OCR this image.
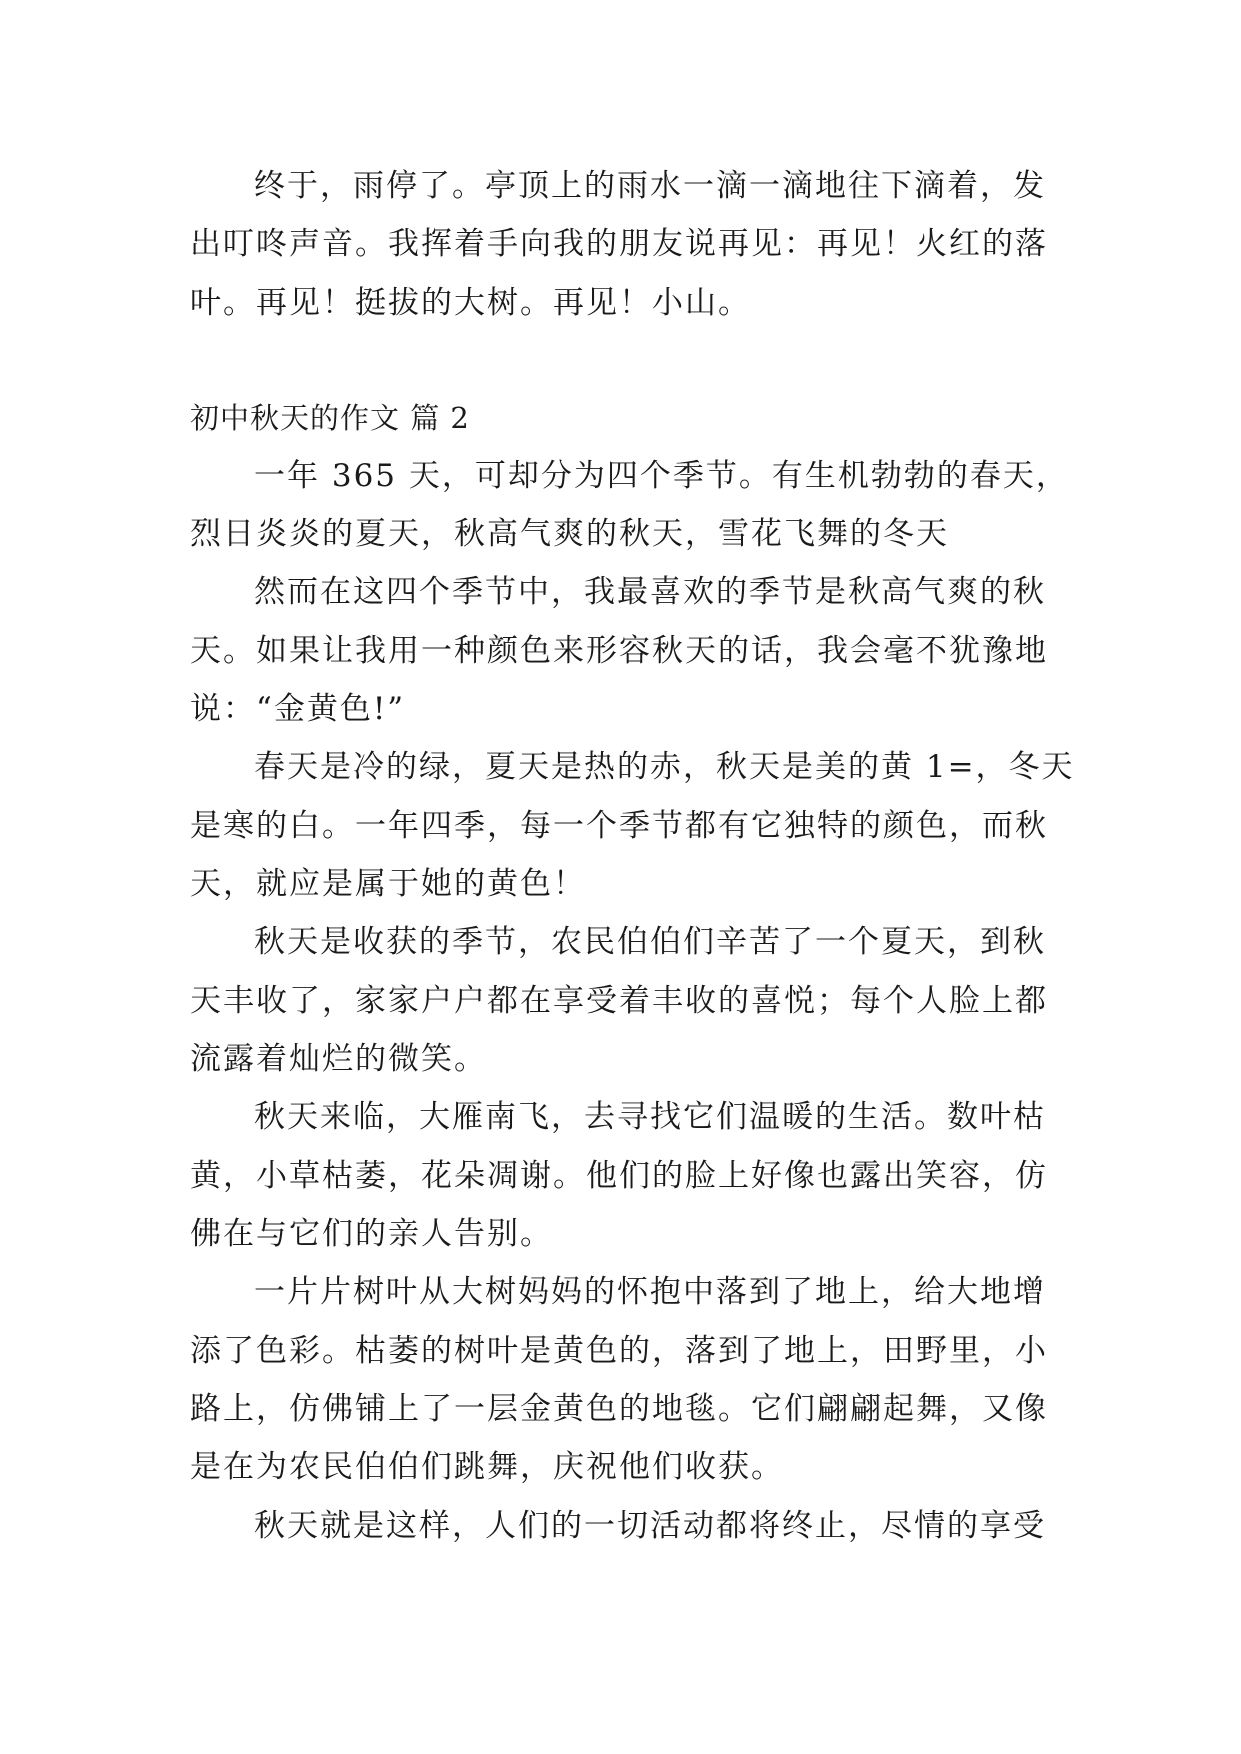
终于，雨停了。亭顶上的雨水一滴一滴地往下滴着，发
出叮咚声音。我挥着手向我的朋友说再见：再见！火红的落
叶。再见！挺拔的大树。再见！小山。
初中秋天的作文 篇 2
一年 365 天，可却分为四个季节。有生机勃勃的春天，
烈日炎炎的夏天，秋高气爽的秋天，雪花飞舞的冬天
然而在这四个季节中，我最喜欢的季节是秋高气爽的秋
天。如果让我用一种颜色来形容秋天的话，我会毫不犹豫地
说：“金黄色!”
春天是冷的绿，夏天是热的赤，秋天是美的黄 1=，冬天
是寒的白。一年四季，每一个季节都有它独特的颜色，而秋
天，就应是属于她的黄色！
秋天是收获的季节，农民伯伯们辛苦了一个夏天，到秋
天丰收了，家家户户都在享受着丰收的喜悦；每个人脸上都
流露着灿烂的微笑。
秋天来临，大雁南飞，去寻找它们温暖的生活。数叶枯
黄，小草枯萎，花朵凋谢。他们的脸上好像也露出笑容，仿
佛在与它们的亲人告别。
一片片树叶从大树妈妈的怀抱中落到了地上，给大地增
添了色彩。枯萎的树叶是黄色的，落到了地上，田野里，小
路上，仿佛铺上了一层金黄色的地毯。它们翩翩起舞，又像
是在为农民伯伯们跳舞，庆祝他们收获。
秋天就是这样，人们的一切活动都将终止，尽情的享受
